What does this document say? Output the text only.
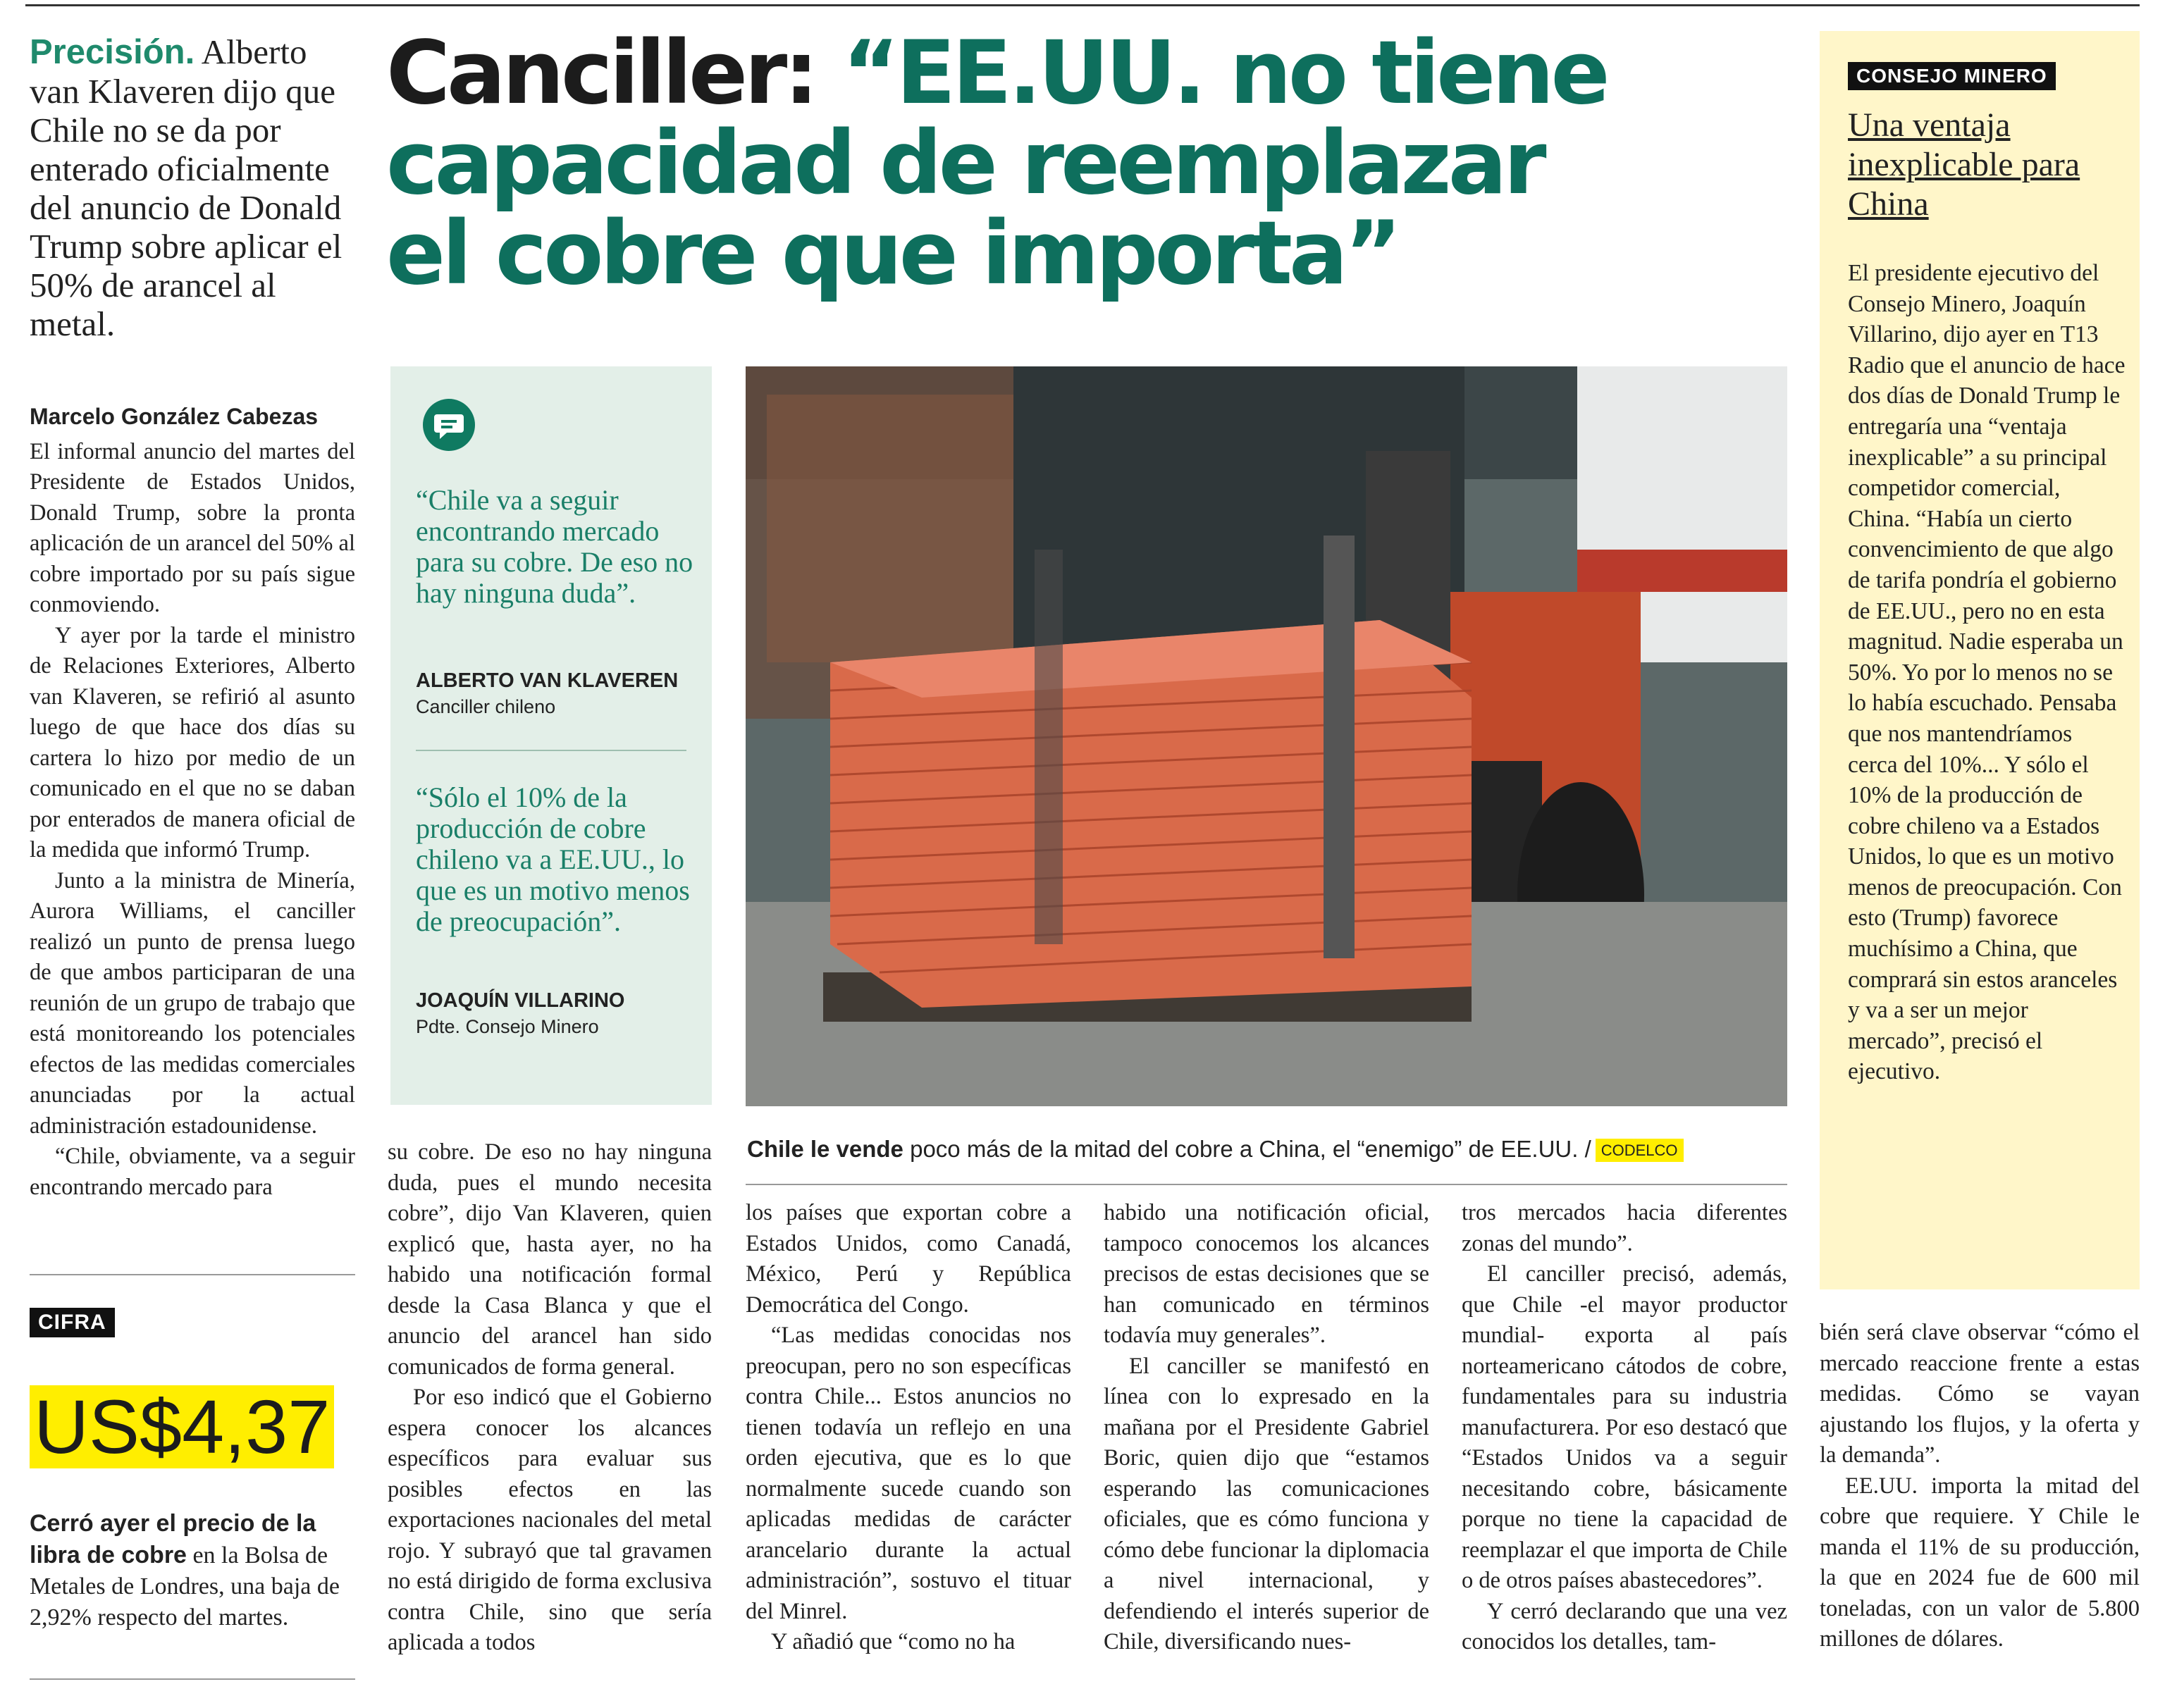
Canciller: “EE.UU. no tiene
capacidad de reemplazar
el cobre que importa”
Precisión. Alberto van Klaveren dijo que Chile no se da por enterado oficialmente del anuncio de Donald Trump sobre aplicar el 50% de arancel al metal.
Marcelo González Cabezas

El informal anuncio del martes del Presidente de Estados Unidos, Donald Trump, sobre la pronta aplicación de un arancel del 50% al cobre importado por su país sigue conmoviendo.

Y ayer por la tarde el ministro de Relaciones Exteriores, Alberto van Klaveren, se refirió al asunto luego de que hace dos días su cartera lo hizo por medio de un comunicado en el que no se daban por enterados de manera oficial de la medida que informó Trump.

Junto a la ministra de Minería, Aurora Williams, el canciller realizó un punto de prensa luego de que ambos participaran de una reunión de un grupo de trabajo que está monitoreando los potenciales efectos de las medidas comerciales anunciadas por la actual administración estadounidense.

“Chile, obviamente, va a seguir encontrando mercado para

CIFRA
US$4,37
Cerró ayer el precio de la libra de cobre en la Bolsa de Metales de Londres, una baja de 2,92% respecto del martes.
“Chile va a seguir encontrando mercado para su cobre. De eso no hay ninguna duda”.
ALBERTO VAN KLAVEREN
Canciller chileno
“Sólo el 10% de la producción de cobre chileno va a EE.UU., lo que es un motivo menos de preocupación”.
JOAQUÍN VILLARINO
Pdte. Consejo Minero
Chile le vende poco más de la mitad del cobre a China, el “enemigo” de EE.UU. / CODELCO

su cobre. De eso no hay ninguna duda, pues el mundo necesita cobre”, dijo Van Klaveren, quien explicó que, hasta ayer, no ha habido una notificación formal desde la Casa Blanca y que el anuncio del arancel han sido comunicados de forma general.

Por eso indicó que el Gobierno espera conocer los alcances específicos para evaluar sus posibles efectos en las exportaciones nacionales del metal rojo. Y subrayó que tal gravamen no está dirigido de forma exclusiva contra Chile, sino que sería aplicada a todos

los países que exportan cobre a Estados Unidos, como Canadá, México, Perú y República Democrática del Congo.

“Las medidas conocidas nos preocupan, pero no son específicas contra Chile... Estos anuncios no tienen todavía un reflejo en una orden ejecutiva, que es lo que normalmente sucede cuando son aplicadas medidas de carácter arancelario durante la actual administración”, sostuvo el tituar del Minrel.

Y añadió que “como no ha

habido una notificación oficial, tampoco conocemos los alcances precisos de estas decisiones que se han comunicado en términos todavía muy generales”.

El canciller se manifestó en línea con lo expresado en la mañana por el Presidente Gabriel Boric, quien dijo que “estamos esperando las comunicaciones oficiales, que es cómo funciona y cómo debe funcionar la diplomacia a nivel internacional, y defendiendo el interés superior de Chile, diversificando nues-

tros mercados hacia diferentes zonas del mundo”.

El canciller precisó, además, que Chile -el mayor productor mundial- exporta al país norteamericano cátodos de cobre, fundamentales para su industria manufacturera. Por eso destacó que “Estados Unidos va a seguir necesitando cobre, básicamente porque no tiene la capacidad de reemplazar el que importa de Chile o de otros países abastecedores”.

Y cerró declarando que una vez conocidos los detalles, tam-

CONSEJO MINERO
Una ventaja inexplicable para China
El presidente ejecutivo del Consejo Minero, Joaquín Villarino, dijo ayer en T13 Radio que el anuncio de hace dos días de Donald Trump le entregaría una “ventaja inexplicable” a su principal competidor comercial, China. “Había un cierto convencimiento de que algo de tarifa pondría el gobierno de EE.UU., pero no en esta magnitud. Nadie esperaba un 50%. Yo por lo menos no se lo había escuchado. Pensaba que nos mantendríamos cerca del 10%... Y sólo el 10% de la producción de cobre chileno va a Estados Unidos, lo que es un motivo menos de preocupación. Con esto (Trump) favorece muchísimo a China, que comprará sin estos aranceles y va a ser un mejor mercado”, precisó el ejecutivo.

bién será clave observar “cómo el mercado reaccione frente a estas medidas. Cómo se vayan ajustando los flujos, y la oferta y la demanda”.

EE.UU. importa la mitad del cobre que requiere. Y Chile le manda el 11% de su producción, la que en 2024 fue de 600 mil toneladas, con un valor de 5.800 millones de dólares.
